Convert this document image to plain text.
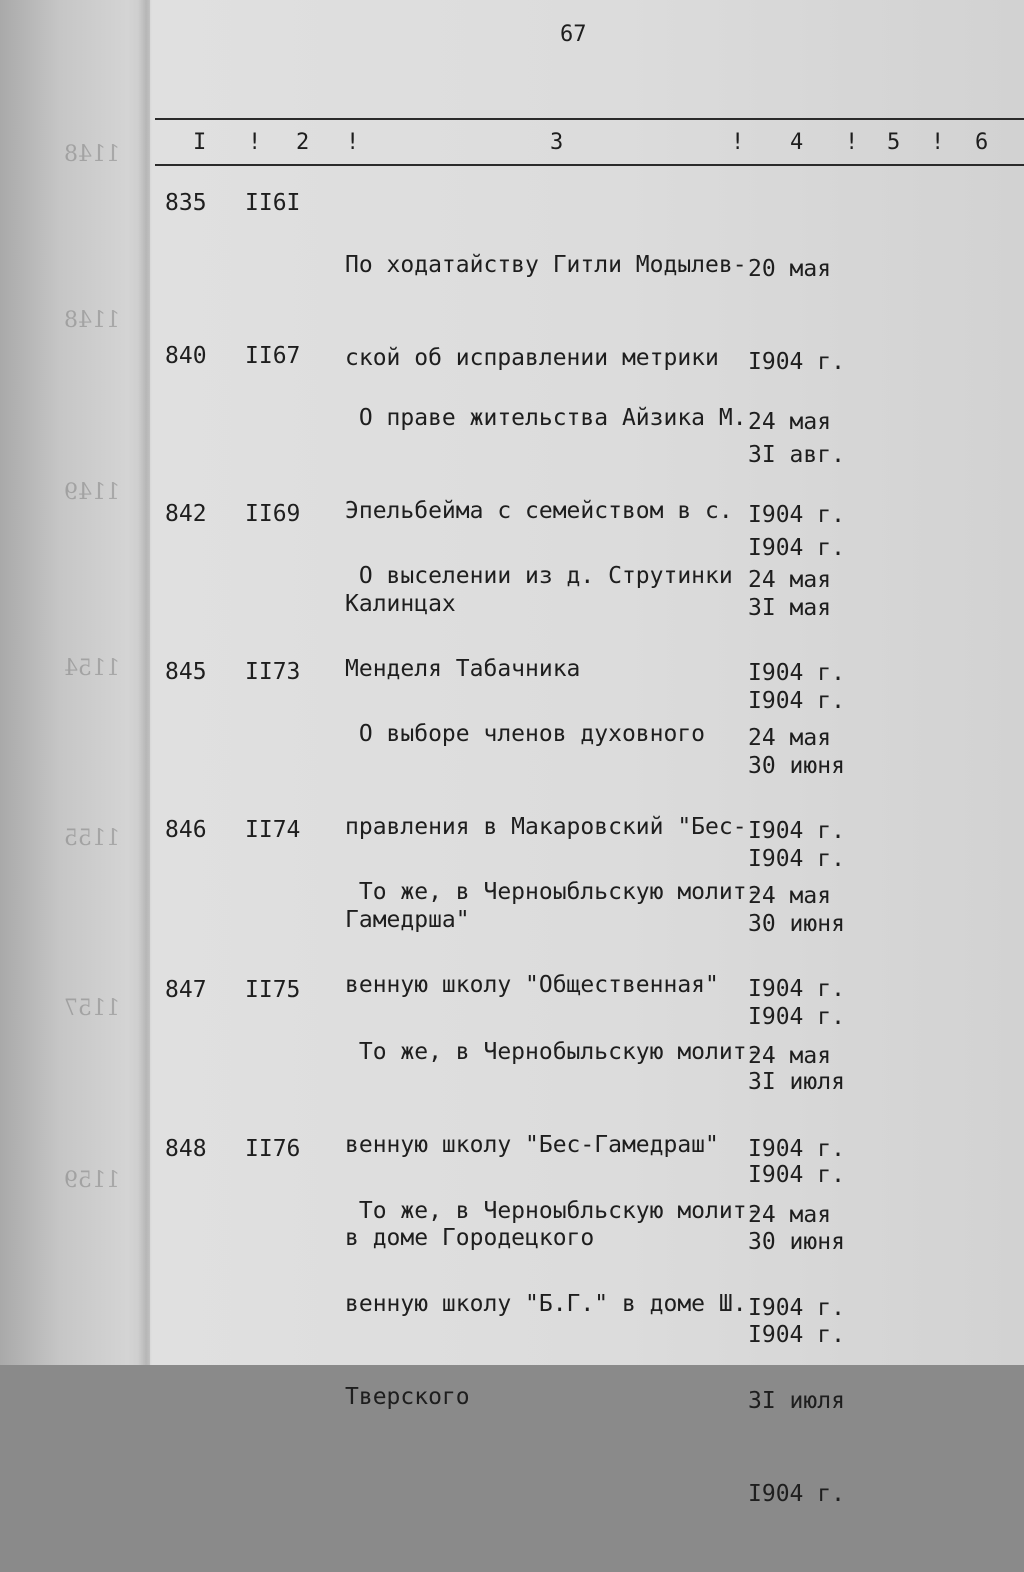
1148
1148
1149
1154
1155
1157
1159
67
I ! 2 !	3	! 4 ! 5 ! 6
835 II6I

По ходатайству Гитли Модылев-

ской об исправлении метрики

20 мая

I904 г.

3I авг.

I904 г.

840 II67

О праве жительства Айзика М.

Эпельбейма с семейством в с.

Калинцах

24 мая

I904 г.

3I мая

I904 г.

842 II69

О выселении из д. Струтинки

Менделя Табачника

24 мая

I904 г.

30 июня

I904 г.

845 II73

О выборе членов духовного

правления в Макаровский "Бес-

Гамедрша"

24 мая

I904 г.

30 июня

I904 г.

846 II74

То же, в Черноыбльскую молит-

венную школу "Общественная"

24 мая

I904 г.

3I июля

I904 г.

847 II75

То же, в Чернобыльскую молит-

венную школу "Бес-Гамедраш"

в доме Городецкого

24 мая

I904 г.

30 июня

I904 г.

848 II76

То же, в Черноыбльскую молит-

венную школу "Б.Г." в доме Ш.

Тверского

24 мая

I904 г.

3I июля

I904 г.
